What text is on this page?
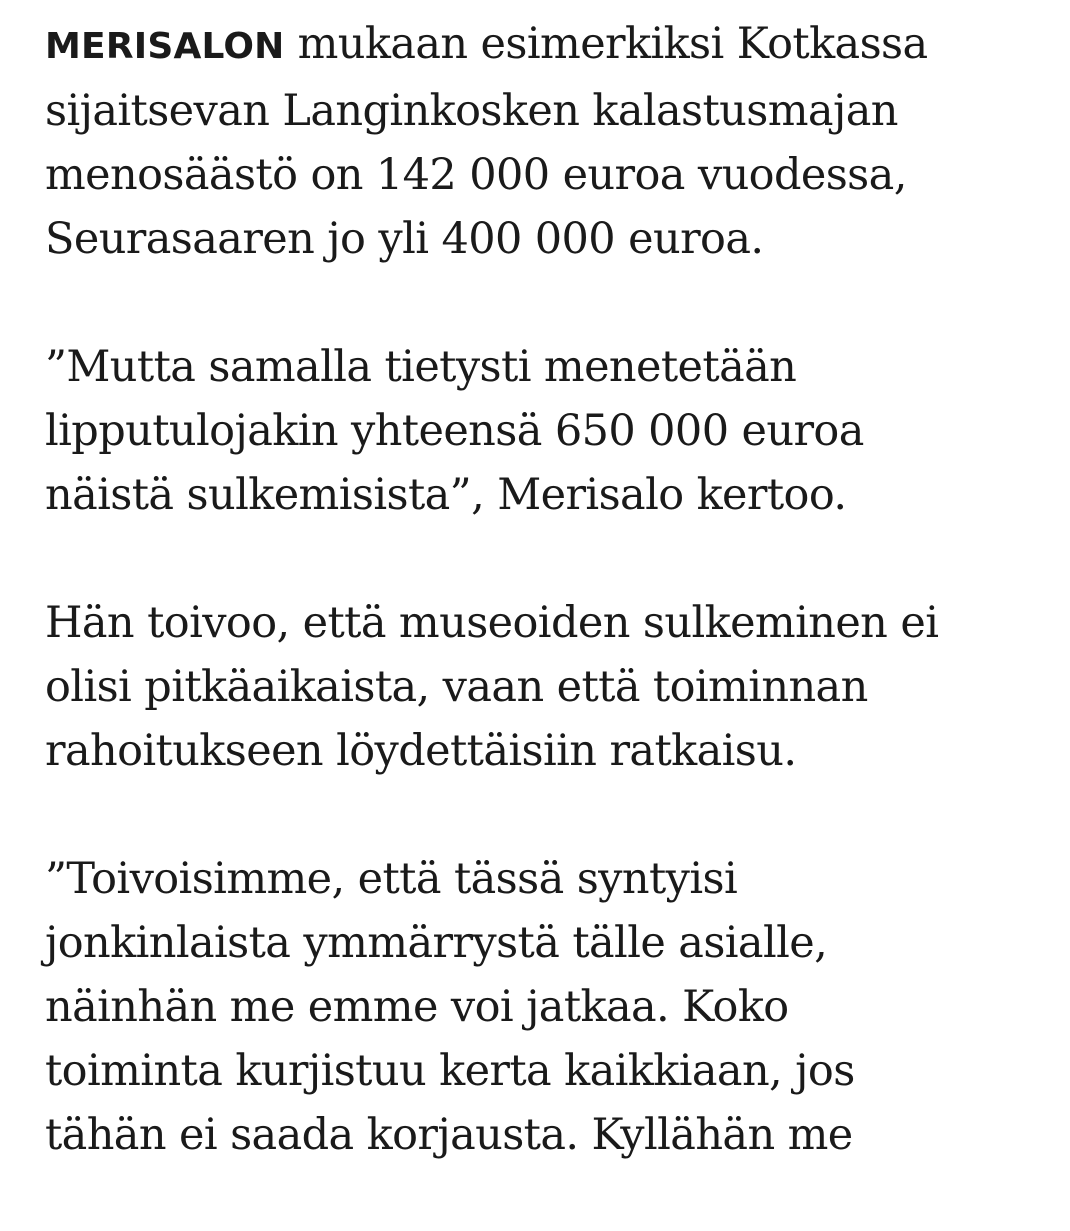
MERISALON mukaan esimerkiksi Kotkassa
sijaitsevan Langinkosken kalastusmajan
menosäästö on 142 000 euroa vuodessa,
Seurasaaren jo yli 400 000 euroa.

”Mutta samalla tietysti menetetään
lipputulojakin yhteensä 650 000 euroa
näistä sulkemisista”, Merisalo kertoo.

Hän toivoo, että museoiden sulkeminen ei
olisi pitkäaikaista, vaan että toiminnan
rahoitukseen löydettäisiin ratkaisu.

”Toivoisimme, että tässä syntyisi
jonkinlaista ymmärrystä tälle asialle,
näinhän me emme voi jatkaa. Koko
toiminta kurjistuu kerta kaikkiaan, jos
tähän ei saada korjausta. Kyllähän me
